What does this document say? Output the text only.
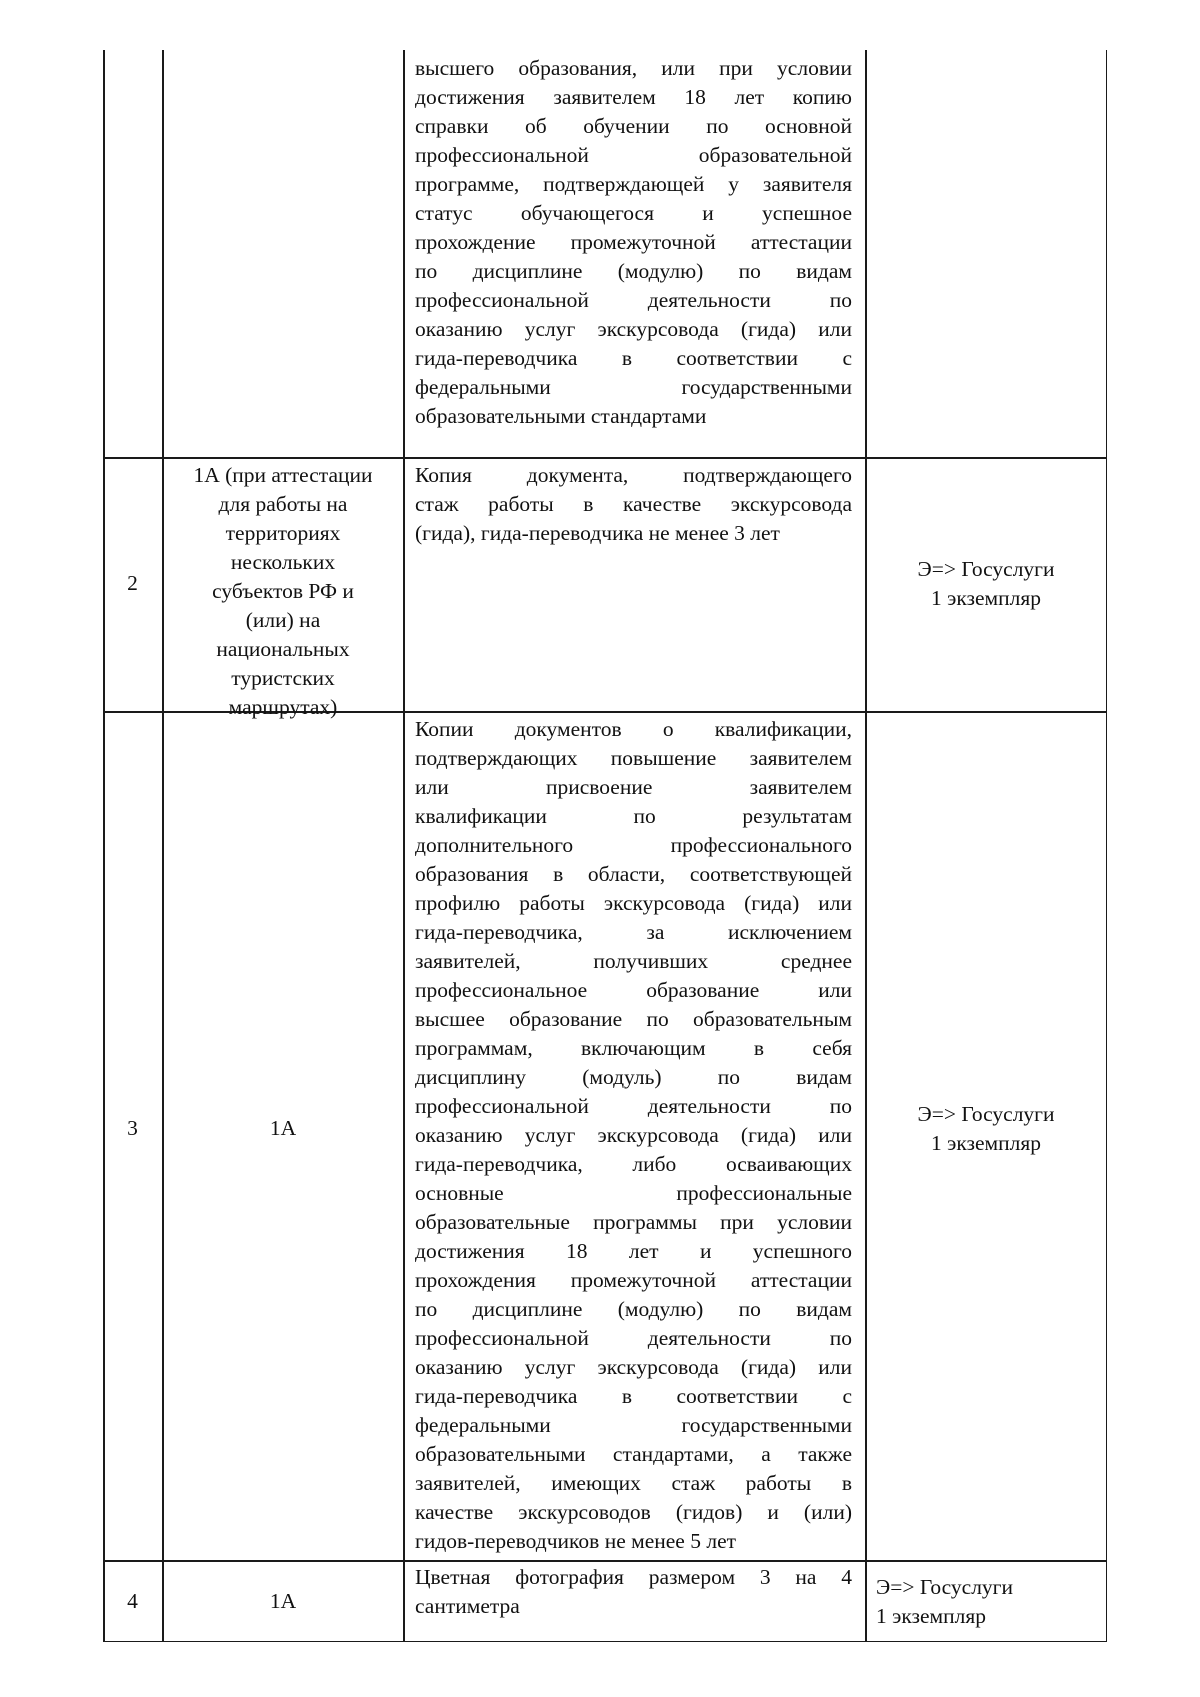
высшего образования, или при условии
достижения заявителем 18 лет копию
справки об обучении по основной
профессиональной образовательной
программе, подтверждающей у заявителя
статус обучающегося и успешное
прохождение промежуточной аттестации
по дисциплине (модулю) по видам
профессиональной деятельности по
оказанию услуг экскурсовода (гида) или
гида-переводчика в соответствии с
федеральными государственными
образовательными стандартами
2
1А (при аттестации
для работы на
территориях
нескольких
субъектов РФ и
(или) на
национальных
туристских
маршрутах)
Копия документа, подтверждающего
стаж работы в качестве экскурсовода
(гида), гида-переводчика не менее 3 лет
Э=> Госуслуги
1 экземпляр
3	1А
Копии документов о квалификации,
подтверждающих повышение заявителем
или присвоение заявителем
квалификации по результатам
дополнительного профессионального
образования в области, соответствующей
профилю работы экскурсовода (гида) или
гида-переводчика, за исключением
заявителей, получивших среднее
профессиональное образование или
высшее образование по образовательным
программам, включающим в себя
дисциплину (модуль) по видам
профессиональной деятельности по
оказанию услуг экскурсовода (гида) или
гида-переводчика, либо осваивающих
основные профессиональные
образовательные программы при условии
достижения 18 лет и успешного
прохождения промежуточной аттестации
по дисциплине (модулю) по видам
профессиональной деятельности по
оказанию услуг экскурсовода (гида) или
гида-переводчика в соответствии с
федеральными государственными
образовательными стандартами, а также
заявителей, имеющих стаж работы в
качестве экскурсоводов (гидов) и (или)
гидов-переводчиков не менее 5 лет
Э=> Госуслуги
1 экземпляр
4	1А
Цветная фотография размером 3 на 4
сантиметра
Э=> Госуслуги
1 экземпляр
